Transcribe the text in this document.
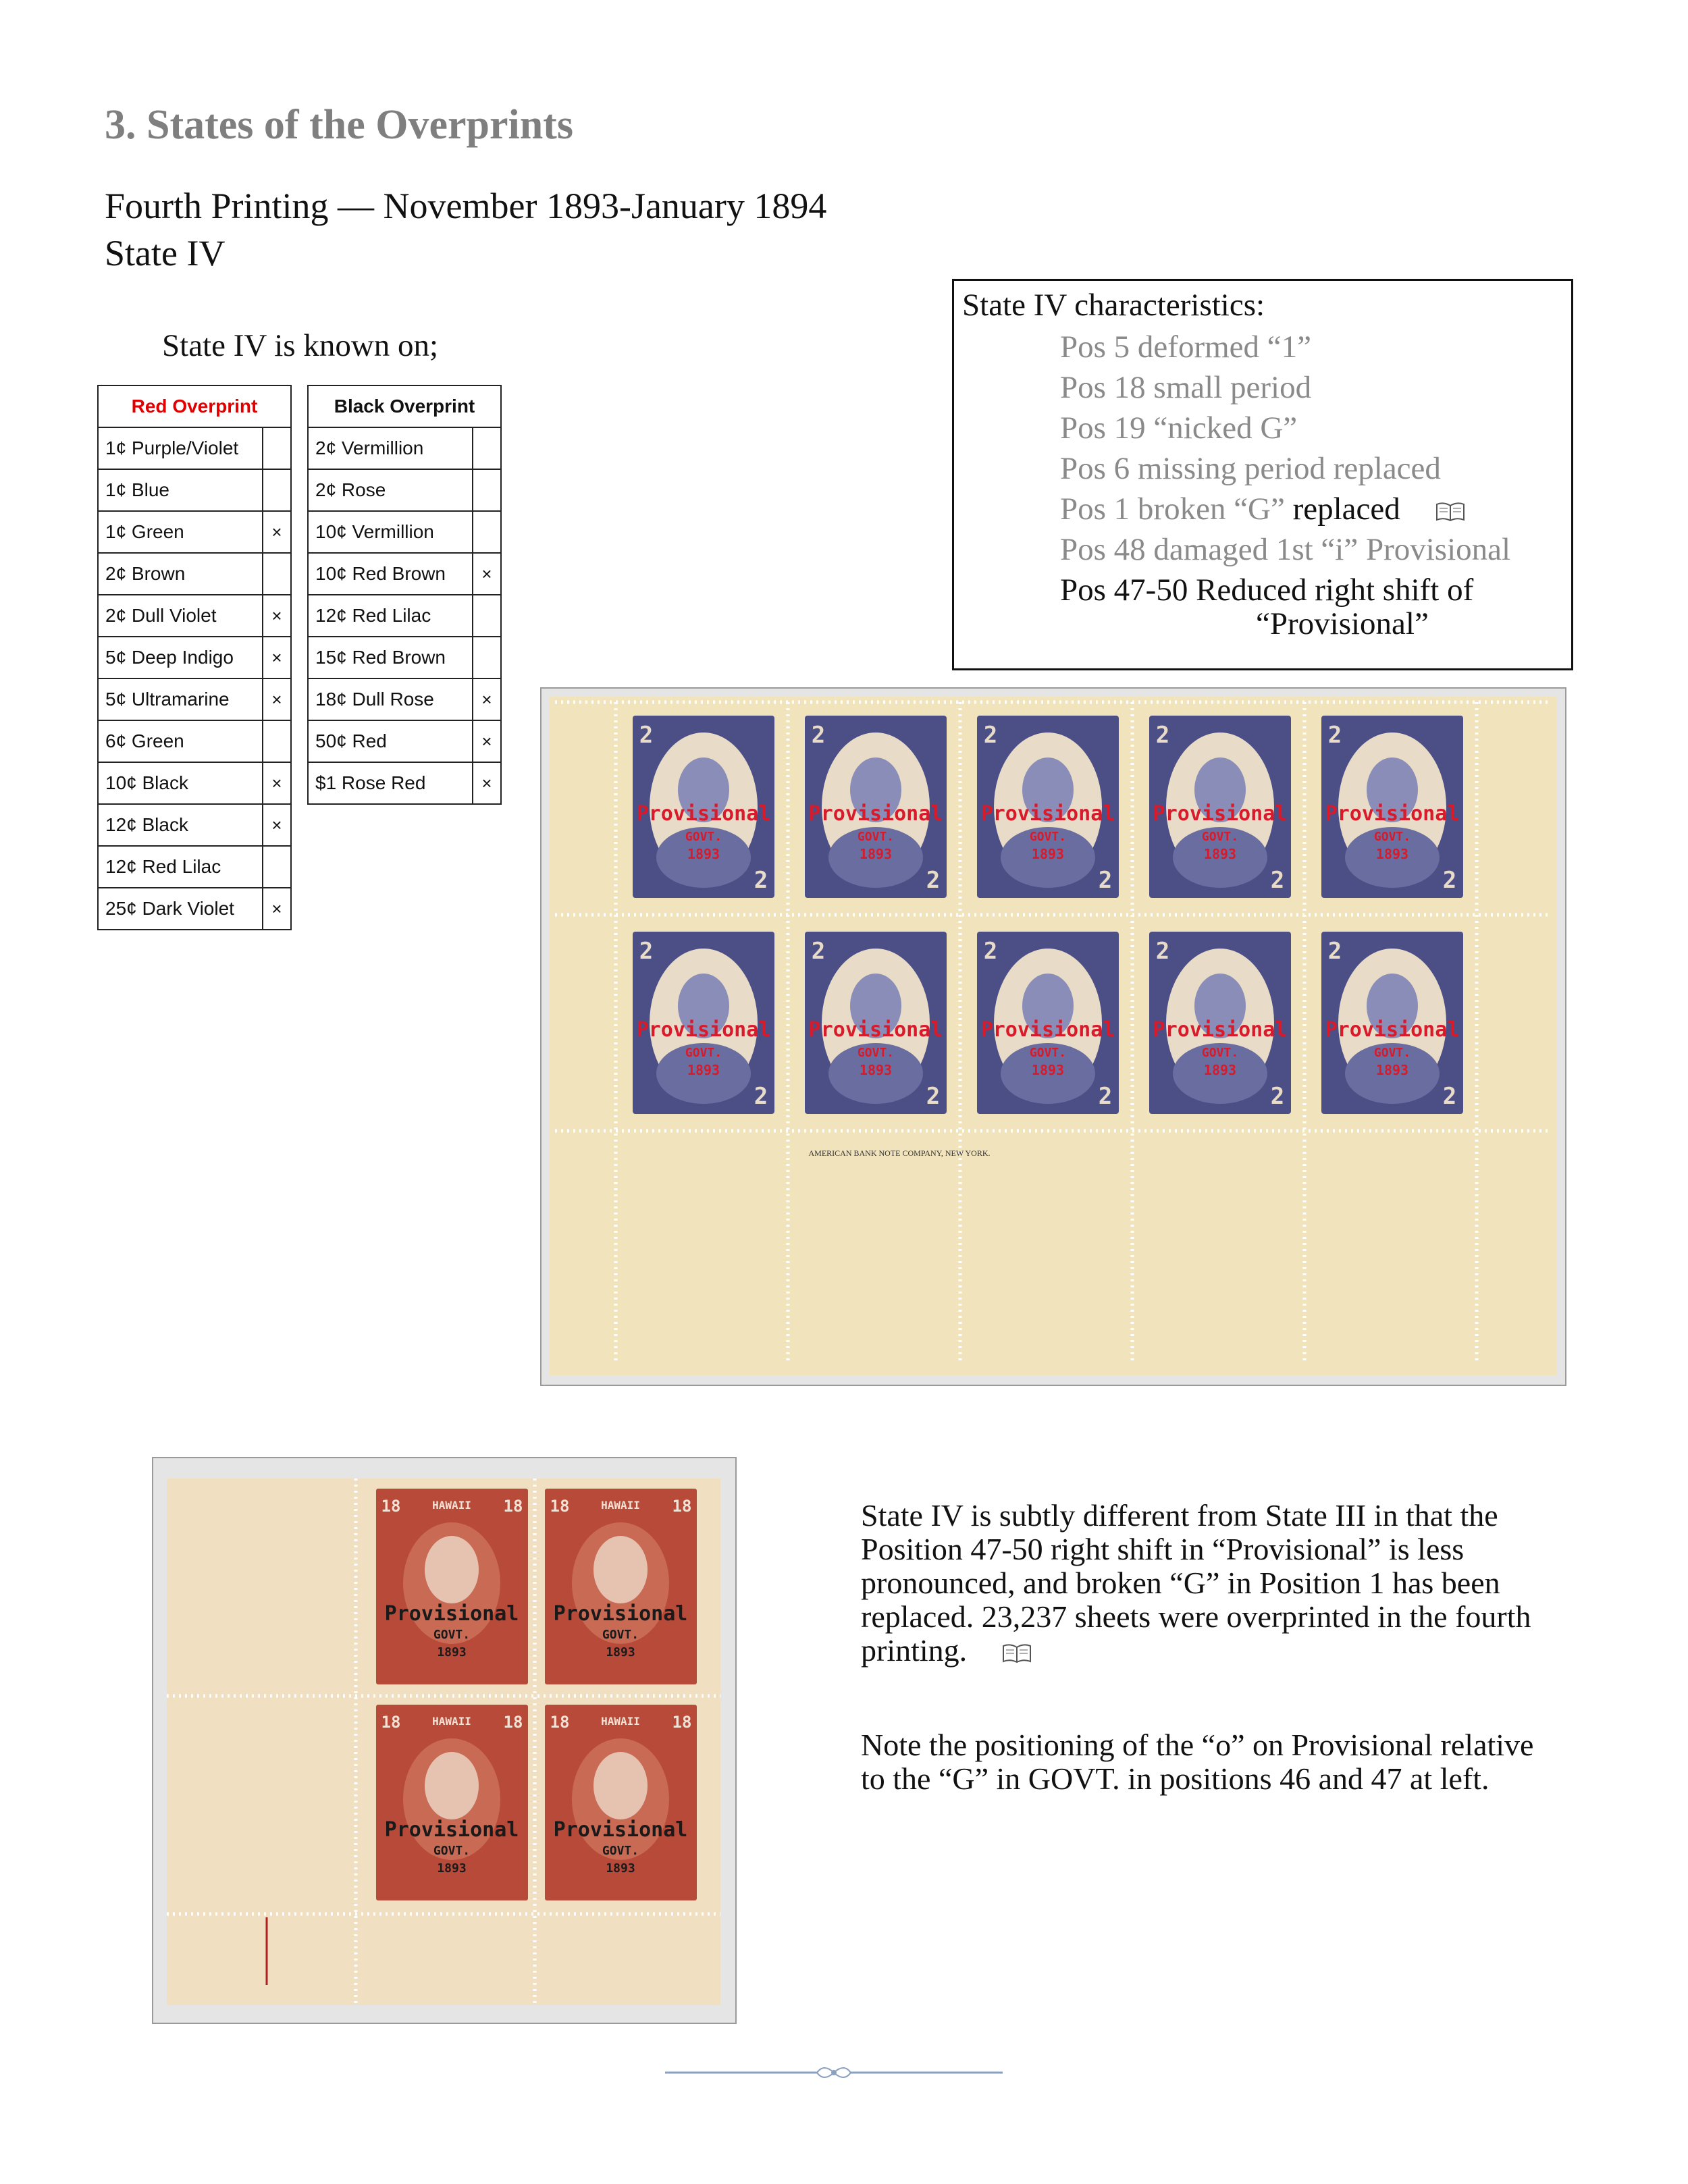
3. States of the Overprints
Fourth Printing — November 1893-January 1894
State IV
State IV is known on;
Red Overprint	
1¢ Purple/Violet	
1¢ Blue	
1¢ Green	×
2¢ Brown	
2¢ Dull Violet	×
5¢ Deep Indigo	×
5¢ Ultramarine	×
6¢ Green	
10¢ Black	×
12¢ Black	×
12¢ Red Lilac	
25¢ Dark Violet	×
Black Overprint	
2¢ Vermillion	
2¢ Rose	
10¢ Vermillion	
10¢ Red Brown	×
12¢ Red Lilac	
15¢ Red Brown	
18¢ Dull Rose	×
50¢ Red	×
$1 Rose Red	×
State IV characteristics:
Pos 5 deformed “1”
Pos 18 small period
Pos 19 “nicked G”
Pos 6 missing period replaced
Pos 1 broken “G” replaced
Pos 48 damaged 1st “i” Provisional
Pos 47-50 Reduced right shift of
“Provisional”
2
2
Provisional
GOVT.
1893
2
2
Provisional
GOVT.
1893
2
2
Provisional
GOVT.
1893
2
2
Provisional
GOVT.
1893
2
2
Provisional
GOVT.
1893
2
2
Provisional
GOVT.
1893
2
2
Provisional
GOVT.
1893
2
2
Provisional
GOVT.
1893
2
2
Provisional
GOVT.
1893
2
2
Provisional
GOVT.
1893
AMERICAN BANK NOTE COMPANY, NEW YORK.
18	18
HAWAII
Provisional
GOVT.
1893
18	18
HAWAII
Provisional
GOVT.
1893
18	18
HAWAII
Provisional
GOVT.
1893
18	18
HAWAII
Provisional
GOVT.
1893
State IV is subtly different from State III in that the Position 47-50 right shift in “Provisional” is less pronounced, and broken “G” in Position 1 has been replaced. 23,237 sheets were overprinted in the fourth printing.
Note the positioning of the “o” on Provisional relative to the “G” in GOVT. in positions 46 and 47 at left.
